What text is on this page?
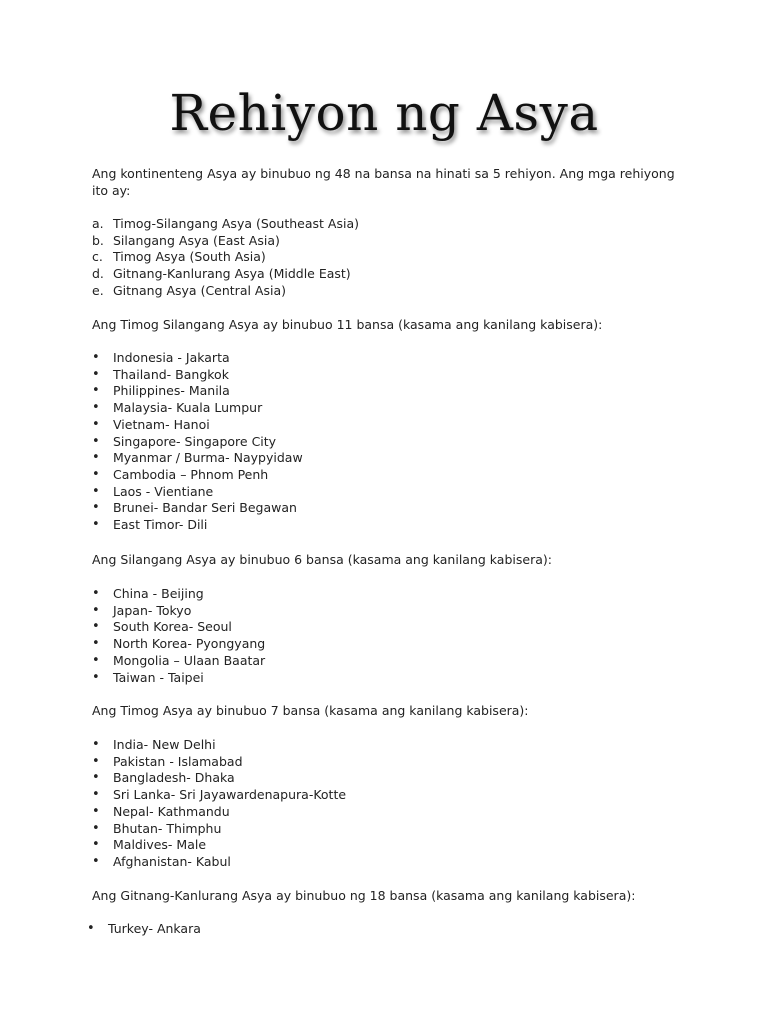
Rehiyon ng Asya

Ang kontinenteng Asya ay binubuo ng 48 na bansa na hinati sa 5 rehiyon. Ang mga rehiyong

ito ay:

a. Timog-Silangang Asya (Southeast Asia)
b. Silangang Asya (East Asia)
c. Timog Asya (South Asia)
d. Gitnang-Kanlurang Asya (Middle East)
e. Gitnang Asya (Central Asia)

Ang Timog Silangang Asya ay binubuo 11 bansa (kasama ang kanilang kabisera):

• Indonesia - Jakarta
• Thailand- Bangkok
• Philippines- Manila
• Malaysia- Kuala Lumpur
• Vietnam- Hanoi
• Singapore- Singapore City
• Myanmar / Burma- Naypyidaw
• Cambodia – Phnom Penh
• Laos - Vientiane
• Brunei- Bandar Seri Begawan
• East Timor- Dili

Ang Silangang Asya ay binubuo 6 bansa (kasama ang kanilang kabisera):

• China - Beijing
• Japan- Tokyo
• South Korea- Seoul
• North Korea- Pyongyang
• Mongolia – Ulaan Baatar
• Taiwan - Taipei

Ang Timog Asya ay binubuo 7 bansa (kasama ang kanilang kabisera):

• India- New Delhi
• Pakistan - Islamabad
• Bangladesh- Dhaka
• Sri Lanka- Sri Jayawardenapura-Kotte
• Nepal- Kathmandu
• Bhutan- Thimphu
• Maldives- Male
• Afghanistan- Kabul

Ang Gitnang-Kanlurang Asya ay binubuo ng 18 bansa (kasama ang kanilang kabisera):

• Turkey- Ankara
